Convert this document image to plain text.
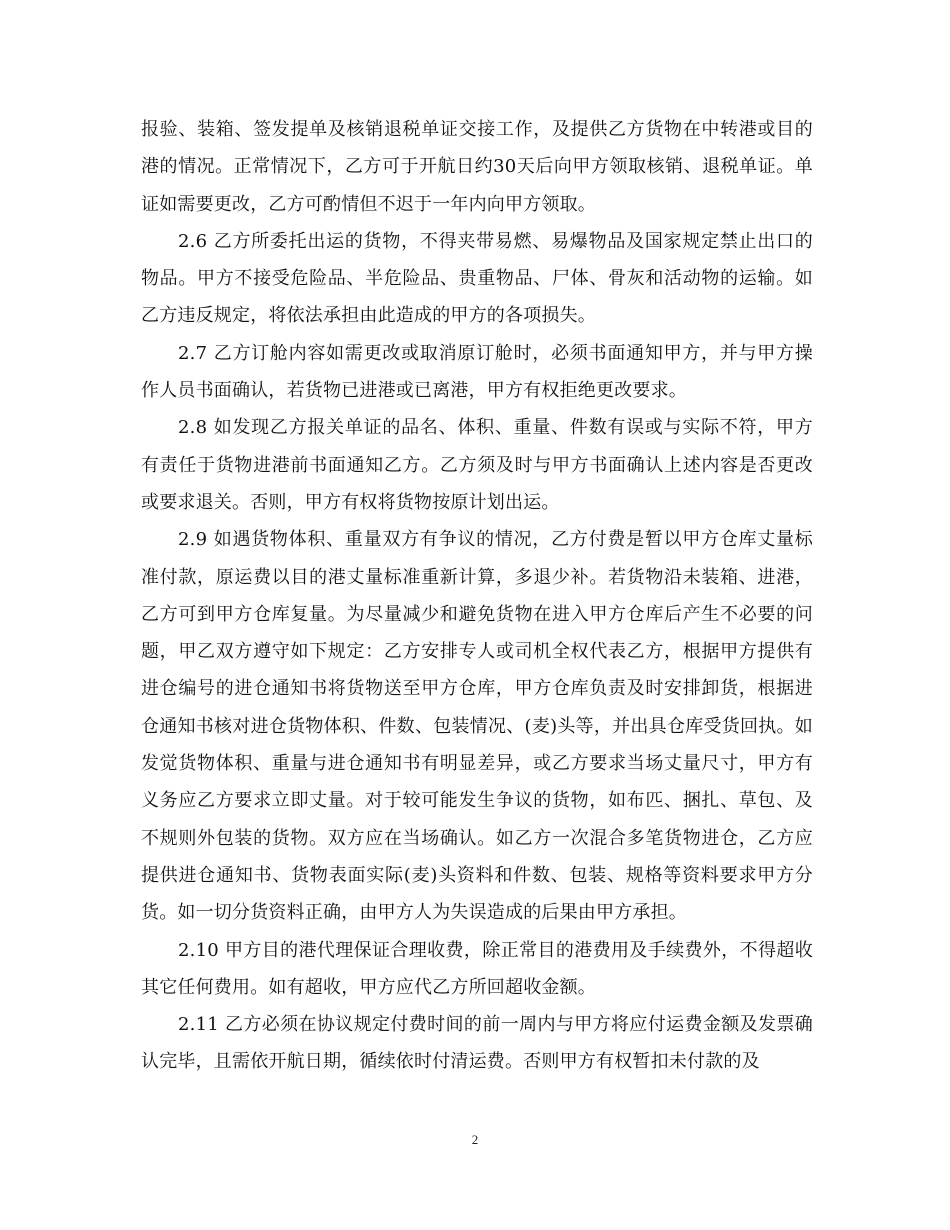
报验、装箱、签发提单及核销退税单证交接工作，及提供乙方货物在中转港或目的港的情况。正常情况下，乙方可于开航日约30天后向甲方领取核销、退税单证。单证如需要更改，乙方可酌情但不迟于一年内向甲方领取。

2.6 乙方所委托出运的货物，不得夹带易燃、易爆物品及国家规定禁止出口的物品。甲方不接受危险品、半危险品、贵重物品、尸体、骨灰和活动物的运输。如乙方违反规定，将依法承担由此造成的甲方的各项损失。

2.7 乙方订舱内容如需更改或取消原订舱时，必须书面通知甲方，并与甲方操作人员书面确认，若货物已进港或已离港，甲方有权拒绝更改要求。

2.8 如发现乙方报关单证的品名、体积、重量、件数有误或与实际不符，甲方有责任于货物进港前书面通知乙方。乙方须及时与甲方书面确认上述内容是否更改或要求退关。否则，甲方有权将货物按原计划出运。

2.9 如遇货物体积、重量双方有争议的情况，乙方付费是暂以甲方仓库丈量标准付款，原运费以目的港丈量标准重新计算，多退少补。若货物沿未装箱、进港，乙方可到甲方仓库复量。为尽量减少和避免货物在进入甲方仓库后产生不必要的问题，甲乙双方遵守如下规定：乙方安排专人或司机全权代表乙方，根据甲方提供有进仓编号的进仓通知书将货物送至甲方仓库，甲方仓库负责及时安排卸货，根据进仓通知书核对进仓货物体积、件数、包装情况、(麦)头等，并出具仓库受货回执。如发觉货物体积、重量与进仓通知书有明显差异，或乙方要求当场丈量尺寸，甲方有义务应乙方要求立即丈量。对于较可能发生争议的货物，如布匹、捆扎、草包、及不规则外包装的货物。双方应在当场确认。如乙方一次混合多笔货物进仓，乙方应提供进仓通知书、货物表面实际(麦)头资料和件数、包装、规格等资料要求甲方分货。如一切分货资料正确，由甲方人为失误造成的后果由甲方承担。

2.10 甲方目的港代理保证合理收费，除正常目的港费用及手续费外，不得超收其它任何费用。如有超收，甲方应代乙方所回超收金额。

2.11 乙方必须在协议规定付费时间的前一周内与甲方将应付运费金额及发票确认完毕，且需依开航日期，循续依时付清运费。否则甲方有权暂扣未付款的及

2
